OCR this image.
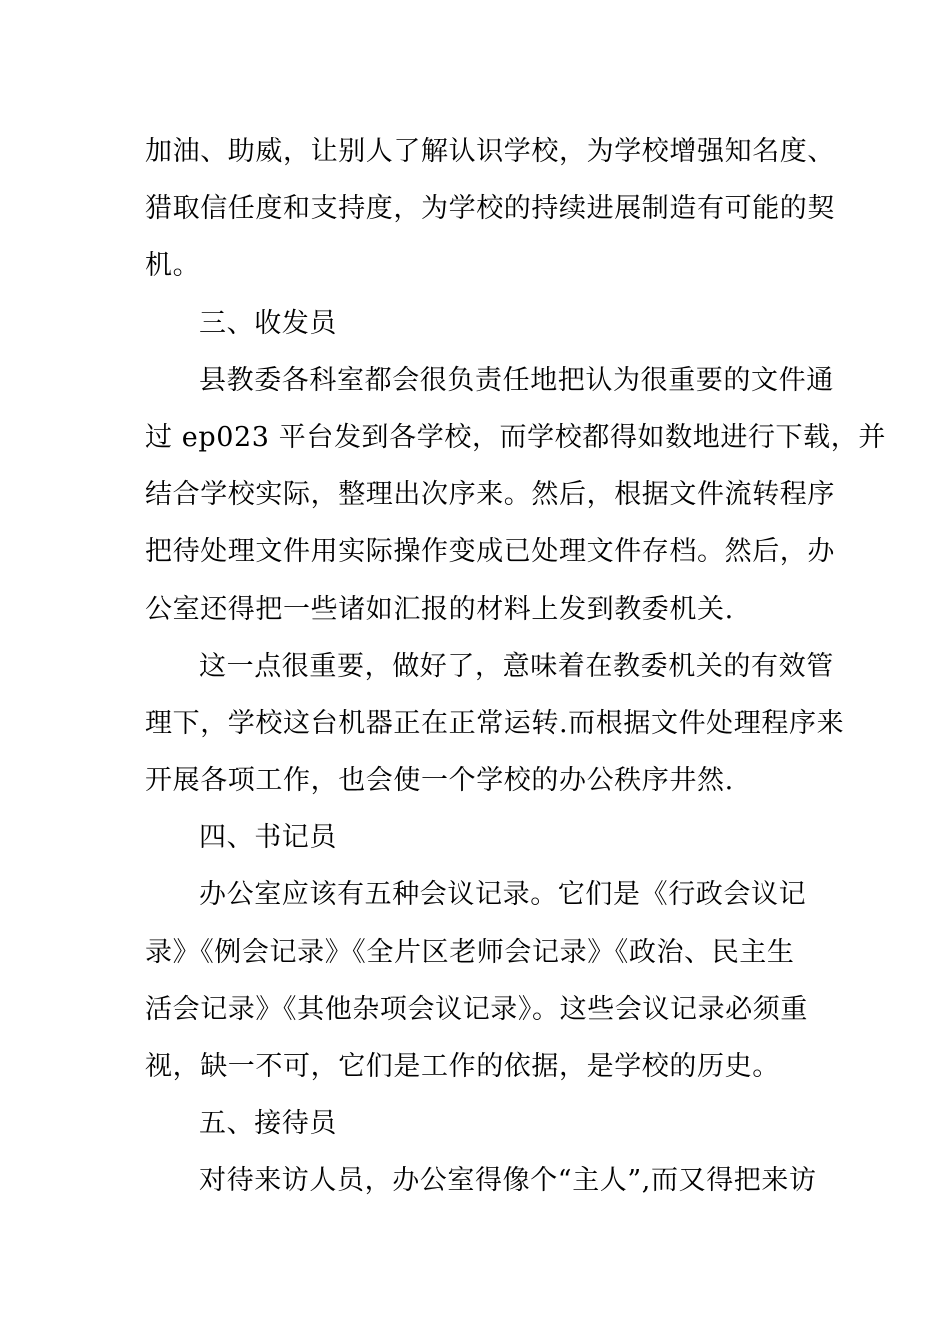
加油、助威，让别人了解认识学校，为学校增强知名度、
猎取信任度和支持度，为学校的持续进展制造有可能的契
机。
三、收发员
县教委各科室都会很负责任地把认为很重要的文件通
过 ep023 平台发到各学校，而学校都得如数地进行下载，并
结合学校实际，整理出次序来。然后，根据文件流转程序
把待处理文件用实际操作变成已处理文件存档。然后，办
公室还得把一些诸如汇报的材料上发到教委机关.
这一点很重要，做好了，意味着在教委机关的有效管
理下，学校这台机器正在正常运转.而根据文件处理程序来
开展各项工作，也会使一个学校的办公秩序井然.
四、书记员
办公室应该有五种会议记录。它们是《行政会议记
录》《例会记录》《全片区老师会记录》《政治、民主生
活会记录》《其他杂项会议记录》。这些会议记录必须重
视，缺一不可，它们是工作的依据，是学校的历史。
五、接待员
对待来访人员，办公室得像个“主人”,而又得把来访
